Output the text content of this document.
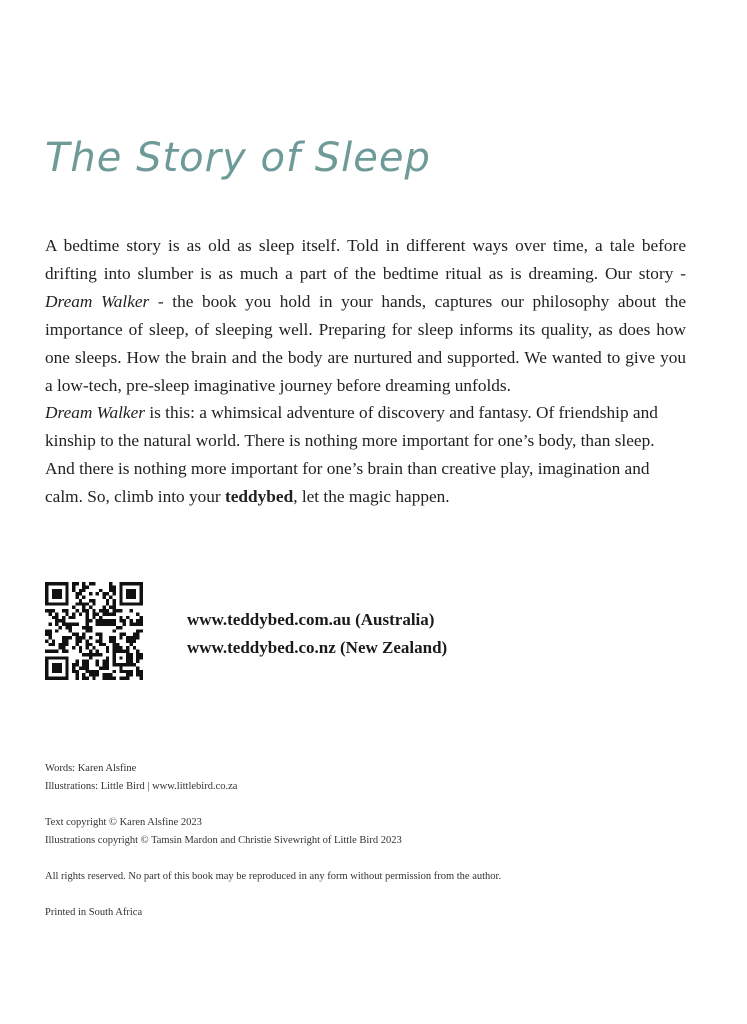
The Story of Sleep

A bedtime story is as old as sleep itself. Told in different ways over time, a tale before drifting into slumber is as much a part of the bedtime ritual as is dreaming. Our story - Dream Walker - the book you hold in your hands, captures our philosophy about the importance of sleep, of sleeping well. Preparing for sleep informs its quality, as does how one sleeps. How the brain and the body are nurtured and supported. We wanted to give you a low-tech, pre-sleep imaginative journey before dreaming unfolds.

Dream Walker is this: a whimsical adventure of discovery and fantasy. Of friendship and kinship to the natural world. There is nothing more important for one’s body, than sleep. And there is nothing more important for one’s brain than creative play, imagination and calm. So, climb into your teddybed, let the magic happen.

www.teddybed.com.au (Australia)
www.teddybed.co.nz (New Zealand)
Words: Karen Alsfine
Illustrations: Little Bird | www.littlebird.co.za
Text copyright © Karen Alsfine 2023
Illustrations copyright © Tamsin Mardon and Christie Sivewright of Little Bird 2023
All rights reserved. No part of this book may be reproduced in any form without permission from the author.
Printed in South Africa
